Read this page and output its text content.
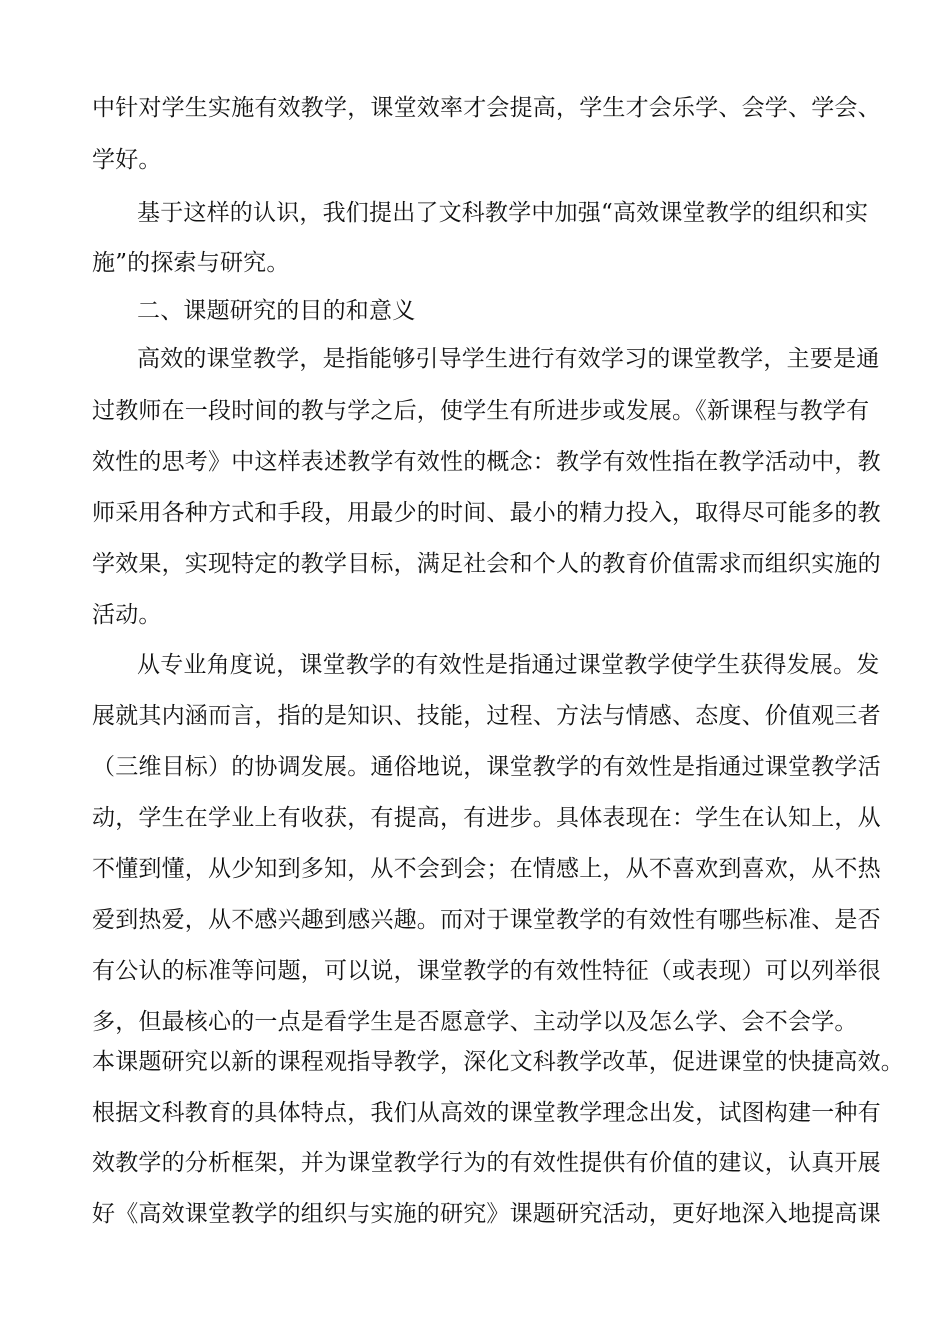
中针对学生实施有效教学，课堂效率才会提高，学生才会乐学、会学、学会、
学好。
基于这样的认识，我们提出了文科教学中加强“高效课堂教学的组织和实
施”的探索与研究。
二、课题研究的目的和意义
高效的课堂教学，是指能够引导学生进行有效学习的课堂教学，主要是通
过教师在一段时间的教与学之后，使学生有所进步或发展。《新课程与教学有
效性的思考》中这样表述教学有效性的概念：教学有效性指在教学活动中，教
师采用各种方式和手段，用最少的时间、最小的精力投入，取得尽可能多的教
学效果，实现特定的教学目标，满足社会和个人的教育价值需求而组织实施的
活动。
从专业角度说，课堂教学的有效性是指通过课堂教学使学生获得发展。发
展就其内涵而言，指的是知识、技能，过程、方法与情感、态度、价值观三者
（三维目标）的协调发展。通俗地说，课堂教学的有效性是指通过课堂教学活
动，学生在学业上有收获，有提高，有进步。具体表现在：学生在认知上，从
不懂到懂，从少知到多知，从不会到会；在情感上，从不喜欢到喜欢，从不热
爱到热爱，从不感兴趣到感兴趣。而对于课堂教学的有效性有哪些标准、是否
有公认的标准等问题，可以说，课堂教学的有效性特征（或表现）可以列举很
多，但最核心的一点是看学生是否愿意学、主动学以及怎么学、会不会学。
本课题研究以新的课程观指导教学，深化文科教学改革，促进课堂的快捷高效。
根据文科教育的具体特点，我们从高效的课堂教学理念出发，试图构建一种有
效教学的分析框架，并为课堂教学行为的有效性提供有价值的建议，认真开展
好《高效课堂教学的组织与实施的研究》课题研究活动，更好地深入地提高课
